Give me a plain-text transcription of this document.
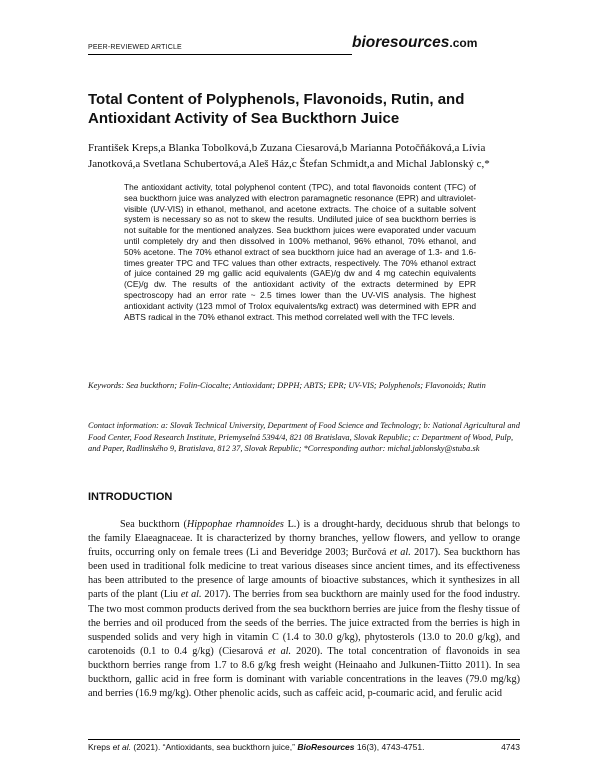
PEER-REVIEWED ARTICLE	bioresources.com
Total Content of Polyphenols, Flavonoids, Rutin, and Antioxidant Activity of Sea Buckthorn Juice
František Kreps,a Blanka Tobolková,b Zuzana Ciesarová,b Marianna Potočňáková,a Lívia Janotková,a Svetlana Schubertová,a Aleš Ház,c Štefan Schmidt,a and Michal Jablonský c,*
The antioxidant activity, total polyphenol content (TPC), and total flavonoids content (TFC) of sea buckthorn juice was analyzed with electron paramagnetic resonance (EPR) and ultraviolet-visible (UV-VIS) in ethanol, methanol, and acetone extracts. The choice of a suitable solvent system is necessary so as not to skew the results. Undiluted juice of sea buckthorn berries is not suitable for the mentioned analyzes. Sea buckthorn juices were evaporated under vacuum until completely dry and then dissolved in 100% methanol, 96% ethanol, 70% ethanol, and 50% acetone. The 70% ethanol extract of sea buckthorn juice had an average of 1.3- and 1.6-times greater TPC and TFC values than other extracts, respectively. The 70% ethanol extract of juice contained 29 mg gallic acid equivalents (GAE)/g dw and 4 mg catechin equivalents (CE)/g dw. The results of the antioxidant activity of the extracts determined by EPR spectroscopy had an error rate ~ 2.5 times lower than the UV-VIS analysis. The highest antioxidant activity (123 mmol of Trolox equivalents/kg extract) was determined with EPR and ABTS radical in the 70% ethanol extract. This method correlated well with the TFC levels.
Keywords: Sea buckthorn; Folin-Ciocalte; Antioxidant; DPPH; ABTS; EPR; UV-VIS; Polyphenols; Flavonoids; Rutin
Contact information: a: Slovak Technical University, Department of Food Science and Technology; b: National Agricultural and Food Center, Food Research Institute, Priemyselná 5394/4, 821 08 Bratislava, Slovak Republic; c: Department of Wood, Pulp, and Paper, Radlinského 9, Bratislava, 812 37, Slovak Republic; *Corresponding author: michal.jablonsky@stuba.sk
INTRODUCTION
Sea buckthorn (Hippophae rhamnoides L.) is a drought-hardy, deciduous shrub that belongs to the family Elaeagnaceae. It is characterized by thorny branches, yellow flowers, and yellow to orange fruits, occurring only on female trees (Li and Beveridge 2003; Burčová et al. 2017). Sea buckthorn has been used in traditional folk medicine to treat various diseases since ancient times, and its effectiveness has been attributed to the presence of large amounts of bioactive substances, which it synthesizes in all parts of the plant (Liu et al. 2017). The berries from sea buckthorn are mainly used for the food industry. The two most common products derived from the sea buckthorn berries are juice from the fleshy tissue of the berries and oil produced from the seeds of the berries. The juice extracted from the berries is high in suspended solids and very high in vitamin C (1.4 to 30.0 g/kg), phytosterols (13.0 to 20.0 g/kg), and carotenoids (0.1 to 0.4 g/kg) (Ciesarová et al. 2020). The total concentration of flavonoids in sea buckthorn berries range from 1.7 to 8.6 g/kg fresh weight (Heinaaho and Julkunen-Tiitto 2011). In sea buckthorn, gallic acid in free form is dominant with variable concentrations in the leaves (79.0 mg/kg) and berries (16.9 mg/kg). Other phenolic acids, such as caffeic acid, p-coumaric acid, and ferulic acid
Kreps et al. (2021). “Antioxidants, sea buckthorn juice,” BioResources 16(3), 4743-4751.	4743
